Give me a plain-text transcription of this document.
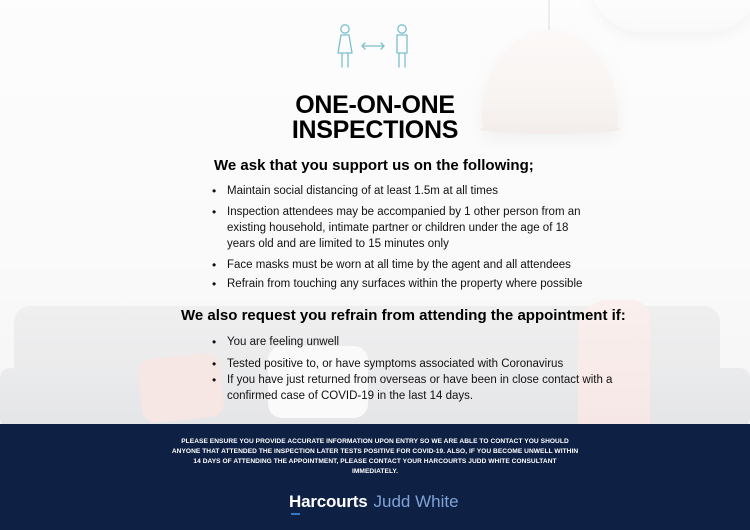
ONE-ON-ONE
INSPECTIONS
We ask that you support us on the following;
• Maintain social distancing of at least 1.5m at all times
• Inspection attendees may be accompanied by 1 other person from an existing household, intimate partner or children under the age of 18 years old and are limited to 15 minutes only
• Face masks must be worn at all time by the agent and all attendees
• Refrain from touching any surfaces within the property where possible
We also request you refrain from attending the appointment if:
• You are feeling unwell
• Tested positive to, or have symptoms associated with Coronavirus
• If you have just returned from overseas or have been in close contact with a confirmed case of COVID-19 in the last 14 days.
PLEASE ENSURE YOU PROVIDE ACCURATE INFORMATION UPON ENTRY SO WE ARE ABLE TO CONTACT YOU SHOULD ANYONE THAT ATTENDED THE INSPECTION LATER TESTS POSITIVE FOR COVID-19. ALSO, IF YOU BECOME UNWELL WITHIN 14 DAYS OF ATTENDING THE APPOINTMENT, PLEASE CONTACT YOUR HARCOURTS JUDD WHITE CONSULTANT IMMEDIATELY.
Harcourts Judd White
